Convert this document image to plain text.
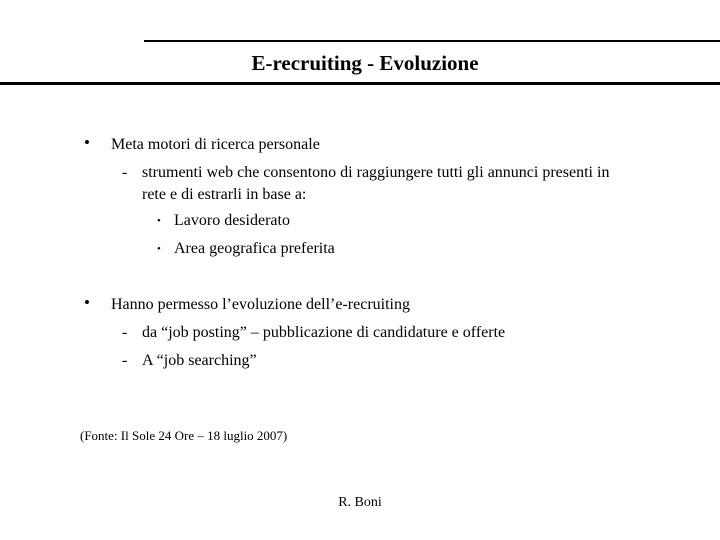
E-recruiting - Evoluzione
• Meta motori di ricerca personale
- strumenti web che consentono di raggiungere tutti gli annunci presenti in
rete e di estrarli in base a:
• Lavoro desiderato
• Area geografica preferita
• Hanno permesso l’evoluzione dell’e-recruiting
- da “job posting” – pubblicazione di candidature e offerte
- A “job searching”
(Fonte: Il Sole 24 Ore – 18 luglio 2007)
R. Boni
